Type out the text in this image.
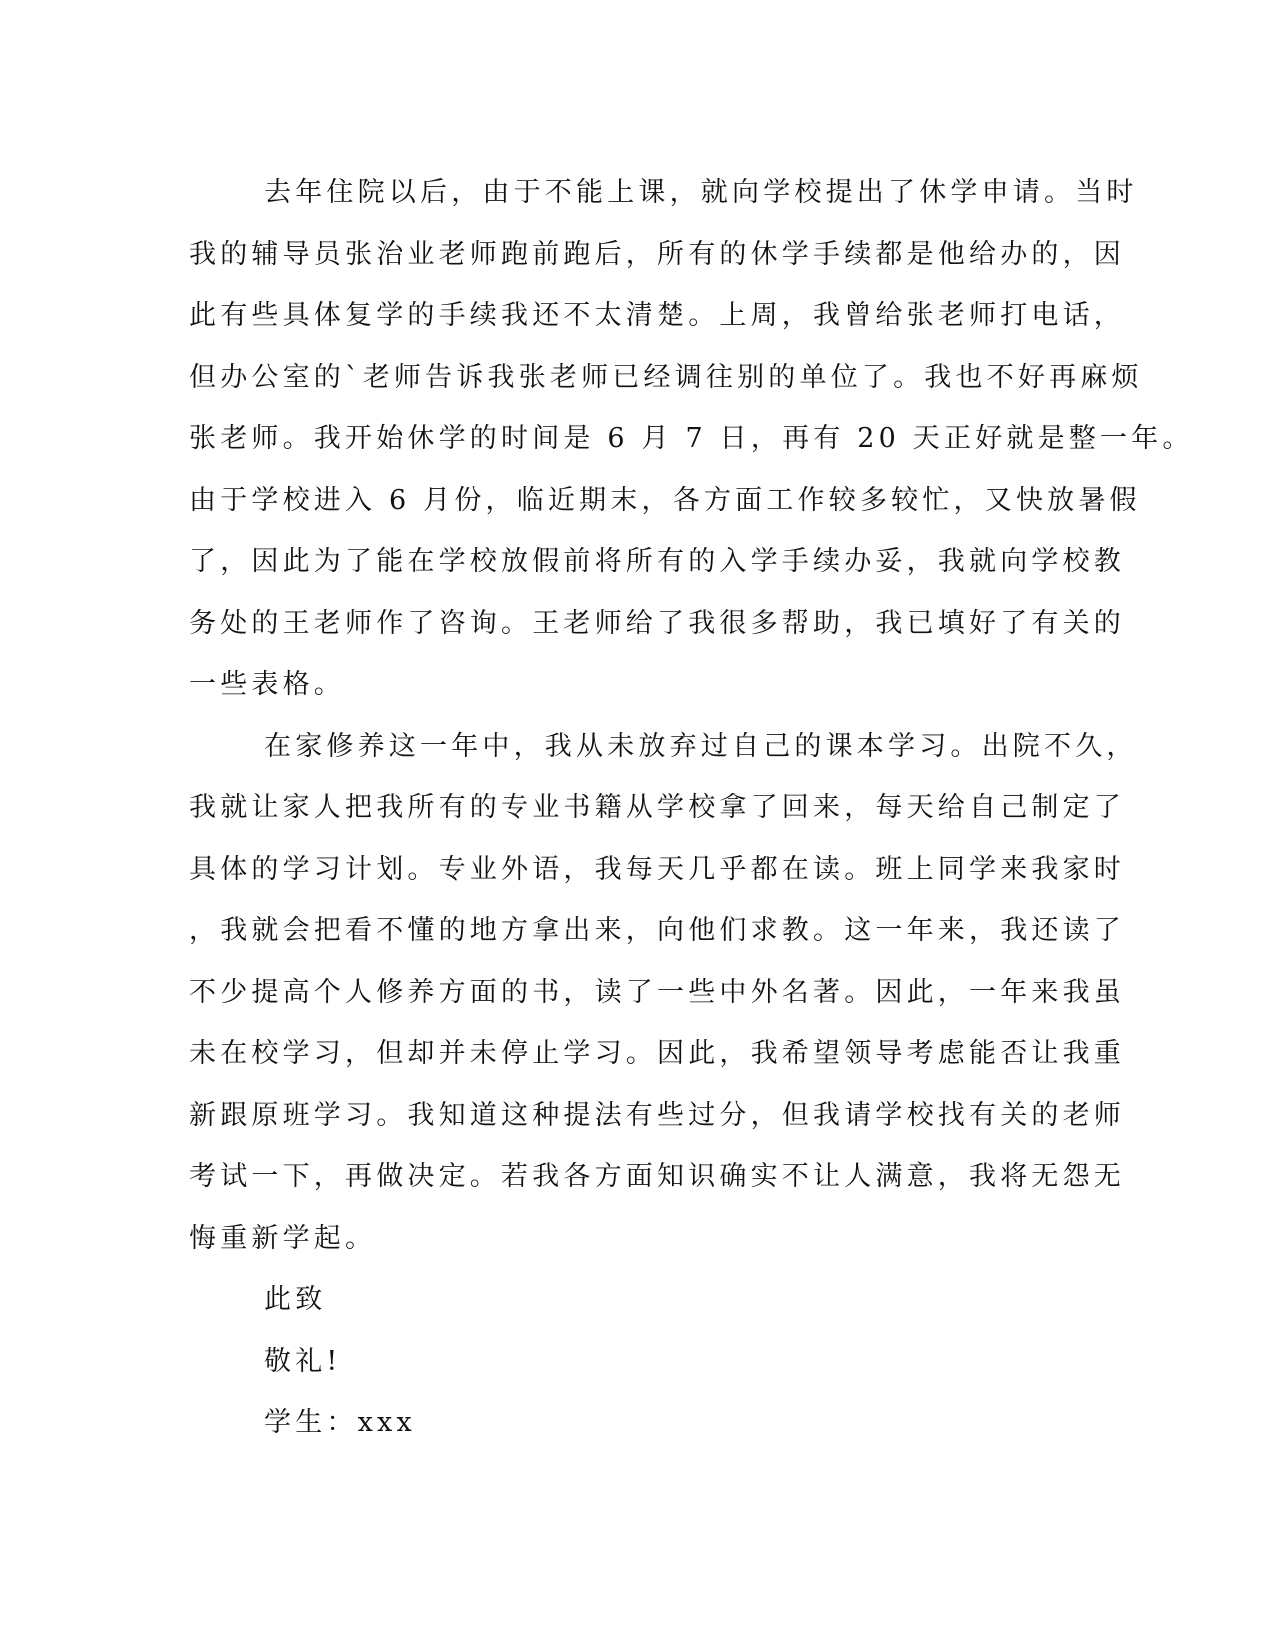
去年住院以后，由于不能上课，就向学校提出了休学申请。当时
我的辅导员张治业老师跑前跑后，所有的休学手续都是他给办的，因
此有些具体复学的手续我还不太清楚。上周，我曾给张老师打电话，
但办公室的`老师告诉我张老师已经调往别的单位了。我也不好再麻烦
张老师。我开始休学的时间是 6 月 7 日，再有 20 天正好就是整一年。
由于学校进入 6 月份，临近期末，各方面工作较多较忙，又快放暑假
了，因此为了能在学校放假前将所有的入学手续办妥，我就向学校教
务处的王老师作了咨询。王老师给了我很多帮助，我已填好了有关的
一些表格。
在家修养这一年中，我从未放弃过自己的课本学习。出院不久，
我就让家人把我所有的专业书籍从学校拿了回来，每天给自己制定了
具体的学习计划。专业外语，我每天几乎都在读。班上同学来我家时
，我就会把看不懂的地方拿出来，向他们求教。这一年来，我还读了
不少提高个人修养方面的书，读了一些中外名著。因此，一年来我虽
未在校学习，但却并未停止学习。因此，我希望领导考虑能否让我重
新跟原班学习。我知道这种提法有些过分，但我请学校找有关的老师
考试一下，再做决定。若我各方面知识确实不让人满意，我将无怨无
悔重新学起。
此致
敬礼!
学生：xxx
